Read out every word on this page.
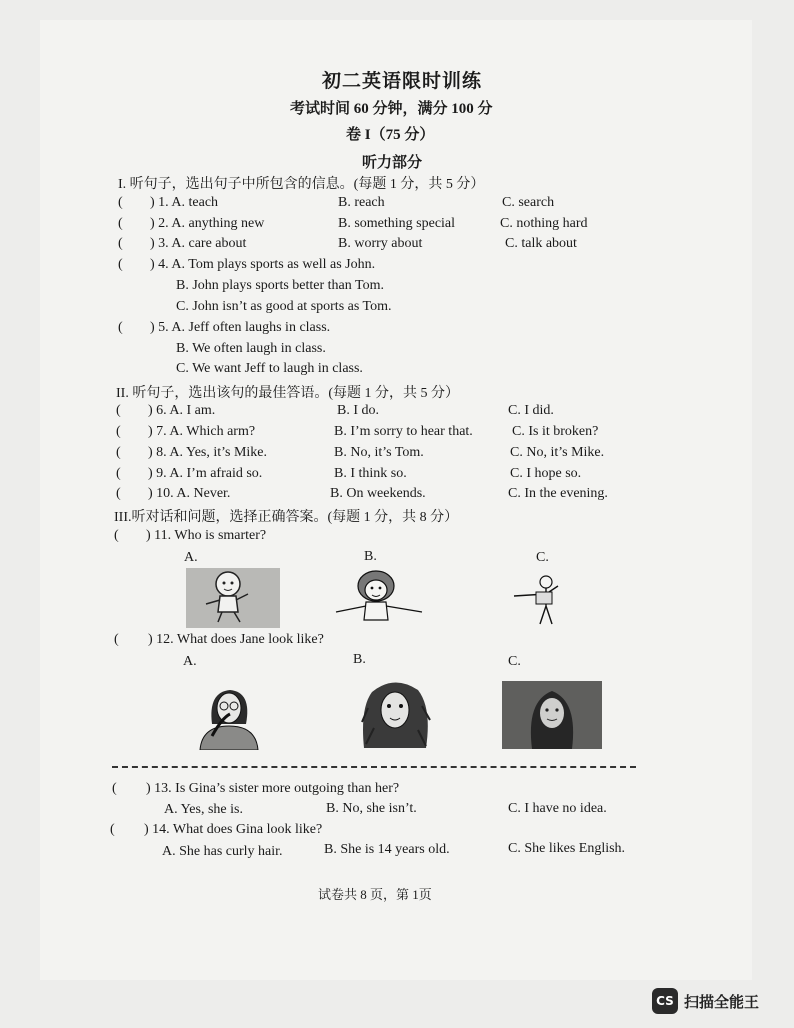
初二英语限时训练
考试时间 60 分钟，满分 100 分
卷 I（75 分）
听力部分
I. 听句子，选出句子中所包含的信息。(每题 1 分，共 5 分）
( ) 1. A. teach	B. reach	C. search
( ) 2. A. anything new	B. something special	C. nothing hard
( ) 3. A. care about	B. worry about	C. talk about
( ) 4. A. Tom plays sports as well as John.
B. John plays sports better than Tom.
C. John isn’t as good at sports as Tom.
( ) 5. A. Jeff often laughs in class.
B. We often laugh in class.
C. We want Jeff to laugh in class.
II. 听句子，选出该句的最佳答语。(每题 1 分，共 5 分）
( ) 6. A. I am.	B. I do.	C. I did.
( ) 7. A. Which arm?	B. I’m sorry to hear that.	C. Is it broken?
( ) 8. A. Yes, it’s Mike.	B. No, it’s Tom.	C. No, it’s Mike.
( ) 9. A. I’m afraid so.	B. I think so.	C. I hope so.
( ) 10. A. Never.	B. On weekends.	C. In the evening.
III.听对话和问题，选择正确答案。(每题 1 分，共 8 分）
( ) 11. Who is smarter?
A.	B.	C.
( ) 12. What does Jane look like?
A.	B.	C.
( ) 13. Is Gina’s sister more outgoing than her?
A. Yes, she is.	B. No, she isn’t.	C. I have no idea.
( ) 14. What does Gina look like?
A. She has curly hair.	B. She is 14 years old.	C. She likes English.
试卷共 8 页，第 1页
CS 扫描全能王
